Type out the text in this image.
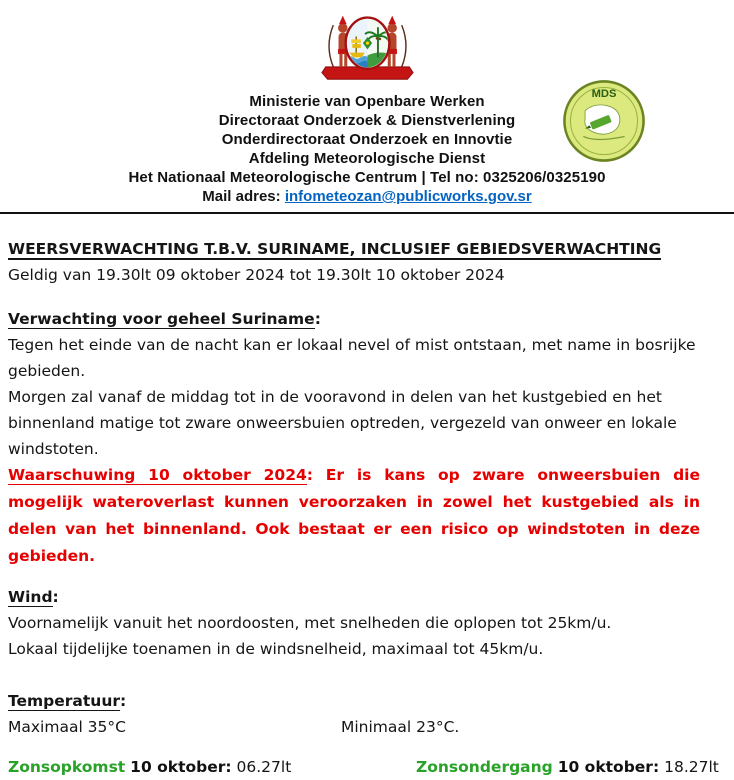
Ministerie van Openbare Werken
Directoraat Onderzoek & Dienstverlening
Onderdirectoraat Onderzoek en Innovtie
Afdeling Meteorologische Dienst
Het Nationaal Meteorologische Centrum | Tel no: 0325206/0325190
Mail adres: infometeozan@publicworks.gov.sr
MDS
WEERSVERWACHTING T.B.V. SURINAME, INCLUSIEF GEBIEDSVERWACHTING
Geldig van 19.30lt 09 oktober 2024 tot 19.30lt 10 oktober 2024
Verwachting voor geheel Suriname:

Tegen het einde van de nacht kan er lokaal nevel of mist ontstaan, met name in bosrijke gebieden.

Morgen zal vanaf de middag tot in de vooravond in delen van het kustgebied en het binnenland matige tot zware onweersbuien optreden, vergezeld van onweer en lokale windstoten.

Waarschuwing 10 oktober 2024: Er is kans op zware onweersbuien die mogelijk wateroverlast kunnen veroorzaken in zowel het kustgebied als in delen van het binnenland. Ook bestaat er een risico op windstoten in deze gebieden.

Wind:

Voornamelijk vanuit het noordoosten, met snelheden die oplopen tot 25km/u.

Lokaal tijdelijke toenamen in de windsnelheid, maximaal tot 45km/u.

Temperatuur:
Maximaal 35°C	Minimaal 23°C.
Zonsopkomst 10 oktober: 06.27lt	Zonsondergang 10 oktober: 18.27lt
